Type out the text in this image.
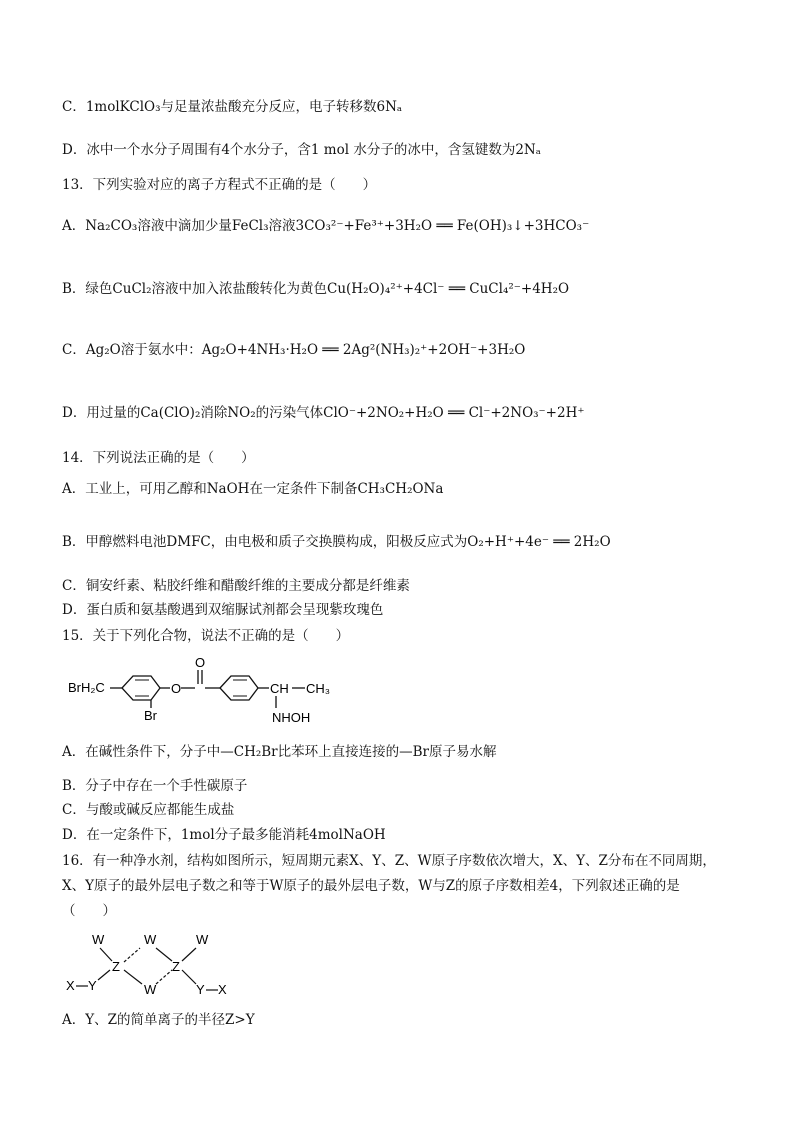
C．1molKClO₃与足量浓盐酸充分反应，电子转移数6Nₐ
D．冰中一个水分子周围有4个水分子，含1 mol 水分子的冰中，含氢键数为2Nₐ
13．下列实验对应的离子方程式不正确的是（　　）
A．Na₂CO₃溶液中滴加少量FeCl₃溶液3CO₃²⁻+Fe³⁺+3H₂O ══ Fe(OH)₃↓+3HCO₃⁻
B．绿色CuCl₂溶液中加入浓盐酸转化为黄色Cu(H₂O)₄²⁺+4Cl⁻ ══ CuCl₄²⁻+4H₂O
C．Ag₂O溶于氨水中：Ag₂O+4NH₃·H₂O ══ 2Ag²(NH₃)₂⁺+2OH⁻+3H₂O
D．用过量的Ca(ClO)₂消除NO₂的污染气体ClO⁻+2NO₂+H₂O ══ Cl⁻+2NO₃⁻+2H⁺
14．下列说法正确的是（　　）
A．工业上，可用乙醇和NaOH在一定条件下制备CH₃CH₂ONa
B．甲醇燃料电池DMFC，由电极和质子交换膜构成，阳极反应式为O₂+H⁺+4e⁻ ══ 2H₂O
C．铜安纤素、粘胶纤维和醋酸纤维的主要成分都是纤维素
D．蛋白质和氨基酸遇到双缩脲试剂都会呈现紫玫瑰色
15．关于下列化合物，说法不正确的是（　　）
BrH₂C
Br
O
O
CH CH₃
NHOH
A．在碱性条件下，分子中—CH₂Br比苯环上直接连接的—Br原子易水解
B．分子中存在一个手性碳原子
C．与酸或碱反应都能生成盐
D．在一定条件下，1mol分子最多能消耗4molNaOH
16．有一种净水剂，结构如图所示，短周期元素X、Y、Z、W原子序数依次增大，X、Y、Z分布在不同周期，
X、Y原子的最外层电子数之和等于W原子的最外层电子数，W与Z的原子序数相差4，下列叙述正确的是
（　　）
W	W	W
Z	Z
W
X Y	Y X
A．Y、Z的简单离子的半径Z>Y
